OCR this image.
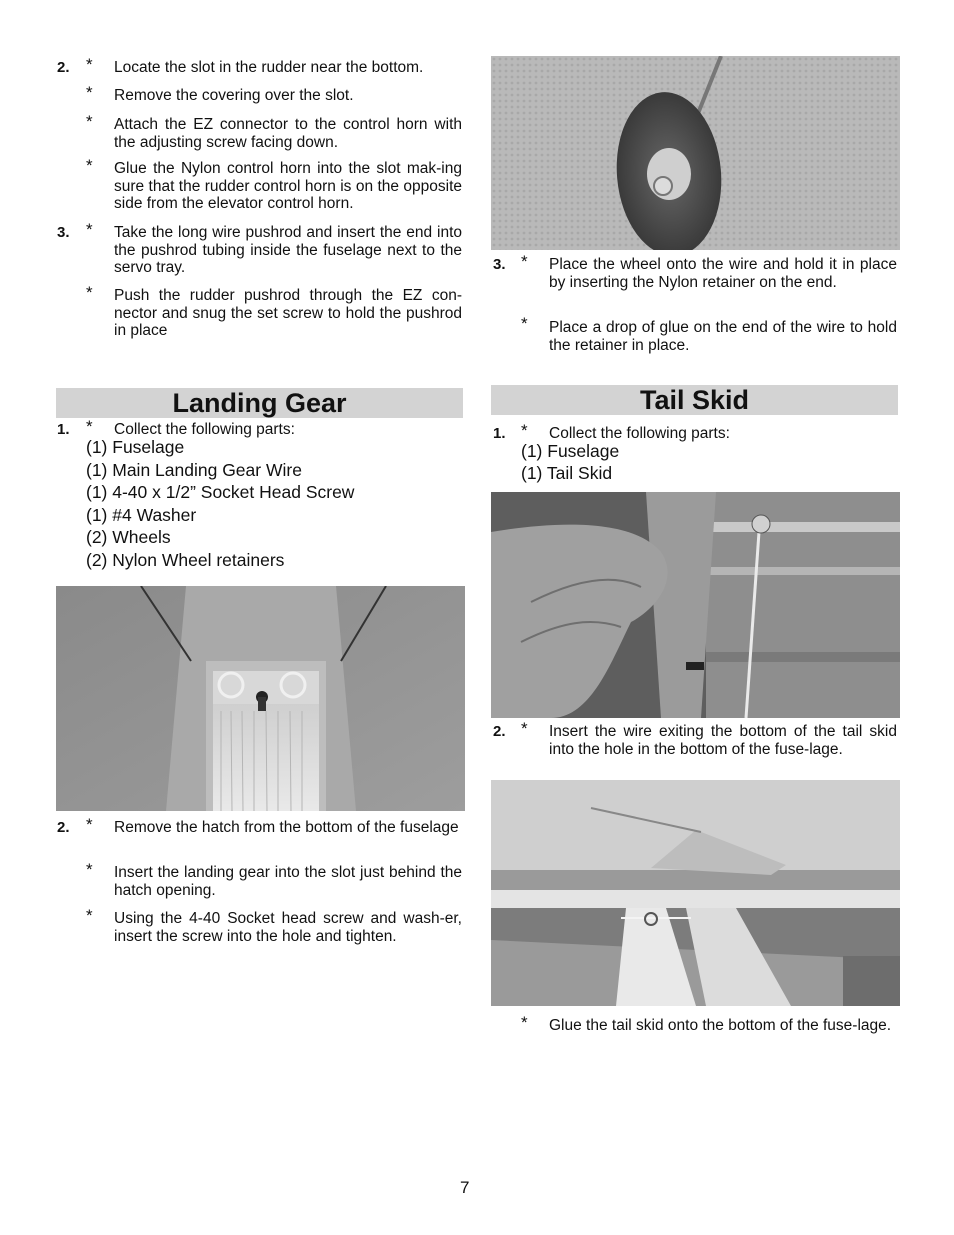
2. * Locate the slot in the rudder near the bottom.
* Remove the covering over the slot.
* Attach the EZ connector to the control horn with the adjusting screw facing down.
* Glue the Nylon control horn into the slot mak-ing sure that the rudder control horn is on the opposite side from the elevator control horn.
3. * Take the long wire pushrod and insert the end into the pushrod tubing inside the fuselage next to the servo tray.
* Push the rudder pushrod through the EZ con-nector and snug the set screw to hold the pushrod in place
Landing Gear
1. * Collect the following parts:
(1) Fuselage
(1) Main Landing Gear Wire
(1) 4-40 x 1/2” Socket Head Screw
(1) #4 Washer
(2) Wheels
(2) Nylon Wheel retainers
2. * Remove the hatch from the bottom of the fuselage
* Insert the landing gear into the slot just behind the hatch opening.
* Using the 4-40 Socket head screw and wash-er, insert the screw into the hole and tighten.
3. * Place the wheel onto the wire and hold it in place by inserting the Nylon retainer on the end.
* Place a drop of glue on the end of the wire to hold the retainer in place.
Tail Skid
1. * Collect the following parts:
(1) Fuselage
(1) Tail Skid
2. * Insert the wire exiting the bottom of the tail skid into the hole in the bottom of the fuse-lage.
* Glue the tail skid onto the bottom of the fuse-lage.
7
